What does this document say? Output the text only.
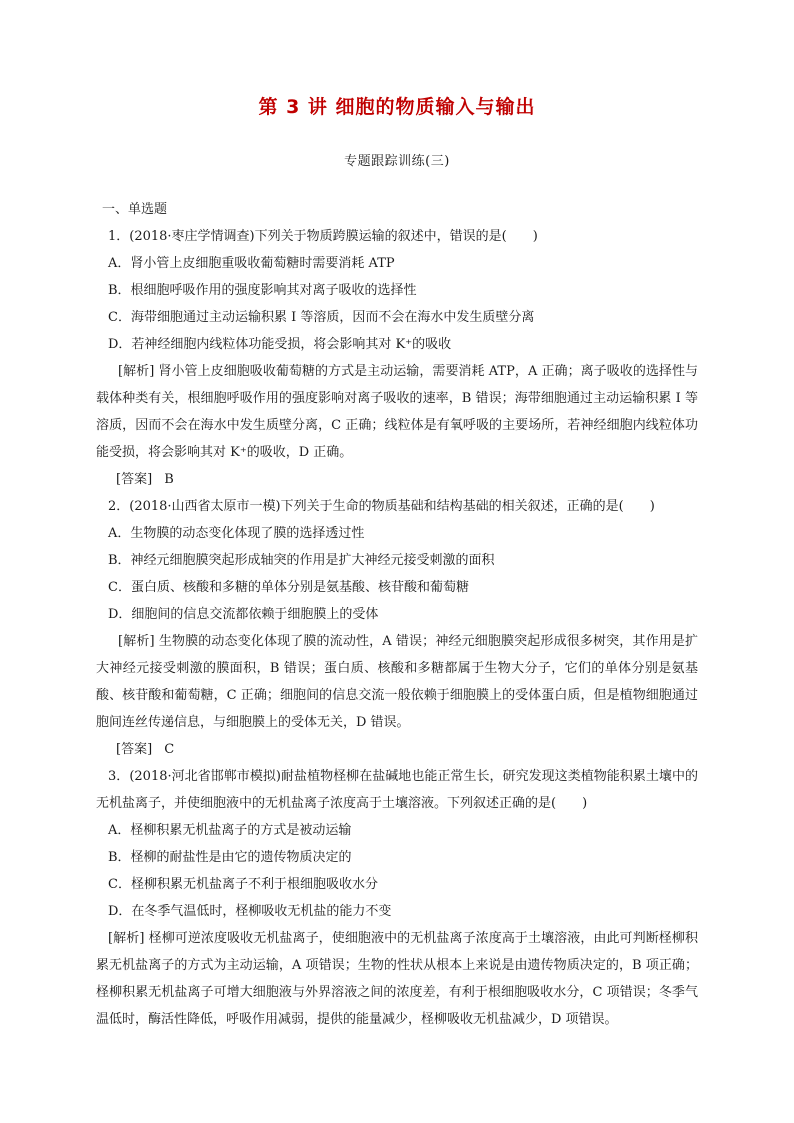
第 3 讲 细胞的物质输入与输出
专题跟踪训练(三)
一、单选题
1．(2018·枣庄学情调查)下列关于物质跨膜运输的叙述中，错误的是(　　)
A．肾小管上皮细胞重吸收葡萄糖时需要消耗 ATP
B．根细胞呼吸作用的强度影响其对离子吸收的选择性
C．海带细胞通过主动运输积累 I 等溶质，因而不会在海水中发生质壁分离
D．若神经细胞内线粒体功能受损，将会影响其对 K⁺的吸收
[解析] 肾小管上皮细胞吸收葡萄糖的方式是主动运输，需要消耗 ATP，A 正确；离子吸收的选择性与载体种类有关，根细胞呼吸作用的强度影响对离子吸收的速率，B 错误；海带细胞通过主动运输积累 I 等溶质，因而不会在海水中发生质壁分离，C 正确；线粒体是有氧呼吸的主要场所，若神经细胞内线粒体功能受损，将会影响其对 K⁺的吸收，D 正确。
[答案] B
2．(2018·山西省太原市一模)下列关于生命的物质基础和结构基础的相关叙述，正确的是(　　)
A．生物膜的动态变化体现了膜的选择透过性
B．神经元细胞膜突起形成轴突的作用是扩大神经元接受刺激的面积
C．蛋白质、核酸和多糖的单体分别是氨基酸、核苷酸和葡萄糖
D．细胞间的信息交流都依赖于细胞膜上的受体
[解析] 生物膜的动态变化体现了膜的流动性，A 错误；神经元细胞膜突起形成很多树突，其作用是扩大神经元接受刺激的膜面积，B 错误；蛋白质、核酸和多糖都属于生物大分子，它们的单体分别是氨基酸、核苷酸和葡萄糖，C 正确；细胞间的信息交流一般依赖于细胞膜上的受体蛋白质，但是植物细胞通过胞间连丝传递信息，与细胞膜上的受体无关，D 错误。
[答案] C
3．(2018·河北省邯郸市模拟)耐盐植物柽柳在盐碱地也能正常生长，研究发现这类植物能积累土壤中的无机盐离子，并使细胞液中的无机盐离子浓度高于土壤溶液。下列叙述正确的是(　　)
A．柽柳积累无机盐离子的方式是被动运输
B．柽柳的耐盐性是由它的遗传物质决定的
C．柽柳积累无机盐离子不利于根细胞吸收水分
D．在冬季气温低时，柽柳吸收无机盐的能力不变
[解析] 柽柳可逆浓度吸收无机盐离子，使细胞液中的无机盐离子浓度高于土壤溶液，由此可判断柽柳积累无机盐离子的方式为主动运输，A 项错误；生物的性状从根本上来说是由遗传物质决定的，B 项正确；柽柳积累无机盐离子可增大细胞液与外界溶液之间的浓度差，有利于根细胞吸收水分，C 项错误；冬季气温低时，酶活性降低，呼吸作用减弱，提供的能量减少，柽柳吸收无机盐减少，D 项错误。
